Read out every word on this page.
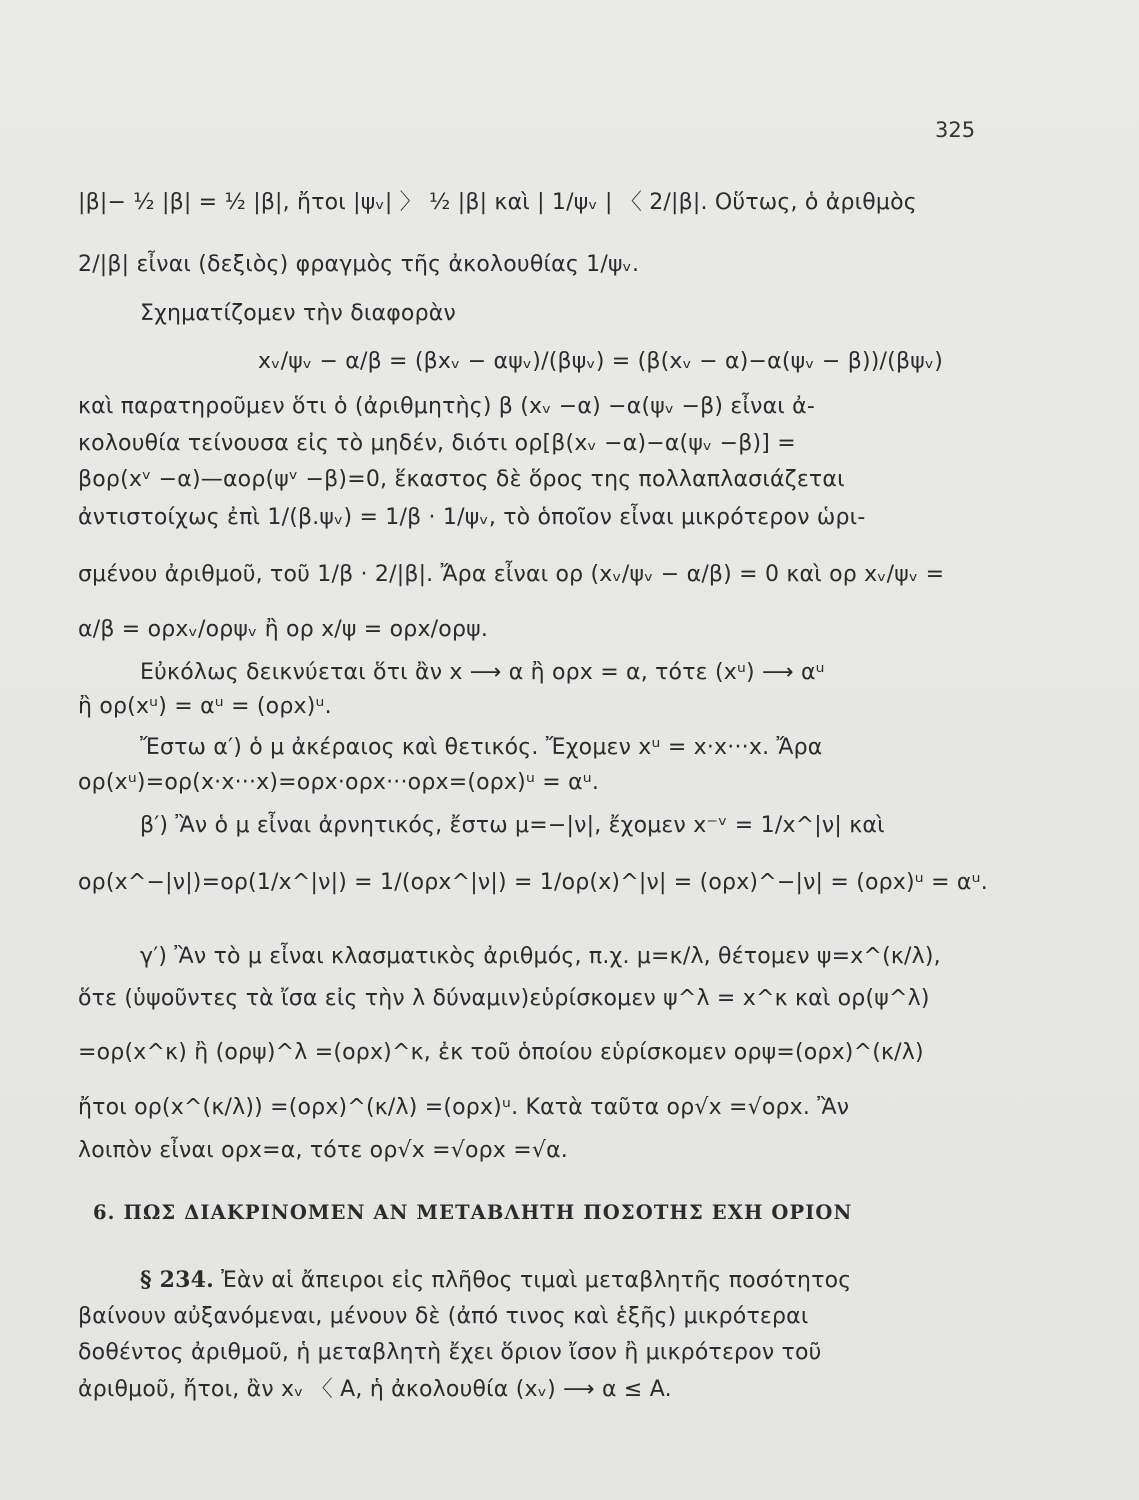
325
|β|− ½ |β| = ½ |β|, ἤτοι |ψᵥ| 〉 ½ |β| καὶ | 1/ψᵥ | 〈 2/|β|. Οὕτως, ὁ ἀριθμὸς
2/|β| εἶναι (δεξιὸς) φραγμὸς τῆς ἀκολουθίας 1/ψᵥ.
Σχηματίζομεν τὴν διαφορὰν
xᵥ/ψᵥ − α/β = (βxᵥ − αψᵥ)/(βψᵥ) = (β(xᵥ − α)−α(ψᵥ − β))/(βψᵥ)
καὶ παρατηροῦμεν ὅτι ὁ (ἀριθμητὴς) β (xᵥ −α) −α(ψᵥ −β) εἶναι ἀ-
κολουθία τείνουσα εἰς τὸ μηδέν, διότι ορ[β(xᵥ −α)−α(ψᵥ −β)] =
βορ(xᵛ −α)—αορ(ψᵛ −β)=0, ἕκαστος δὲ ὅρος της πολλαπλασιάζεται
ἀντιστοίχως ἐπὶ 1/(β.ψᵥ) = 1/β · 1/ψᵥ, τὸ ὁποῖον εἶναι μικρότερον ὡρι-
σμένου ἀριθμοῦ, τοῦ 1/β · 2/|β|. Ἄρα εἶναι ορ (xᵥ/ψᵥ − α/β) = 0 καὶ ορ xᵥ/ψᵥ =
α/β = ορxᵥ/ορψᵥ ἢ ορ x/ψ = ορx/ορψ.
Εὐκόλως δεικνύεται ὅτι ἂν x ⟶ α ἢ ορx = α, τότε (xᵘ) ⟶ αᵘ
ἢ ορ(xᵘ) = αᵘ = (ορx)ᵘ.
Ἔστω α′) ὁ μ ἀκέραιος καὶ θετικός. Ἔχομεν xᵘ = x·x···x. Ἄρα
ορ(xᵘ)=ορ(x·x···x)=ορx·ορx···ορx=(ορx)ᵘ = αᵘ.
β′) Ἂν ὁ μ εἶναι ἀρνητικός, ἔστω μ=−|ν|, ἔχομεν x⁻ᵛ = 1/x^|ν| καὶ
ορ(x^−|ν|)=ορ(1/x^|ν|) = 1/(ορx^|ν|) = 1/ορ(x)^|ν| = (ορx)^−|ν| = (ορx)ᵘ = αᵘ.
γ′) Ἂν τὸ μ εἶναι κλασματικὸς ἀριθμός, π.χ. μ=κ/λ, θέτομεν ψ=x^(κ/λ),
ὅτε (ὑψοῦντες τὰ ἴσα εἰς τὴν λ δύναμιν)εὑρίσκομεν ψ^λ = x^κ καὶ ορ(ψ^λ)
=ορ(x^κ) ἢ (ορψ)^λ =(ορx)^κ, ἐκ τοῦ ὁποίου εὑρίσκομεν ορψ=(ορx)^(κ/λ)
ἤτοι ορ(x^(κ/λ)) =(ορx)^(κ/λ) =(ορx)ᵘ. Κατὰ ταῦτα ορ√x =√ορx. Ἂν
λοιπὸν εἶναι ορx=α, τότε ορ√x =√ορx =√α.
6. ΠΩΣ ΔΙΑΚΡΙΝΟΜΕΝ ΑΝ ΜΕΤΑΒΛΗΤΗ ΠΟΣΟΤΗΣ ΕΧΗ ΟΡΙΟΝ
§ 234. Ἐὰν αἱ ἄπειροι εἰς πλῆθος τιμαὶ μεταβλητῆς ποσότητος
βαίνουν αὐξανόμεναι, μένουν δὲ (ἀπό τινος καὶ ἑξῆς) μικρότεραι
δοθέντος ἀριθμοῦ, ἡ μεταβλητὴ ἔχει ὅριον ἴσον ἢ μικρότερον τοῦ
ἀριθμοῦ, ἤτοι, ἂν xᵥ 〈 A, ἡ ἀκολουθία (xᵥ) ⟶ α ≤ A.
